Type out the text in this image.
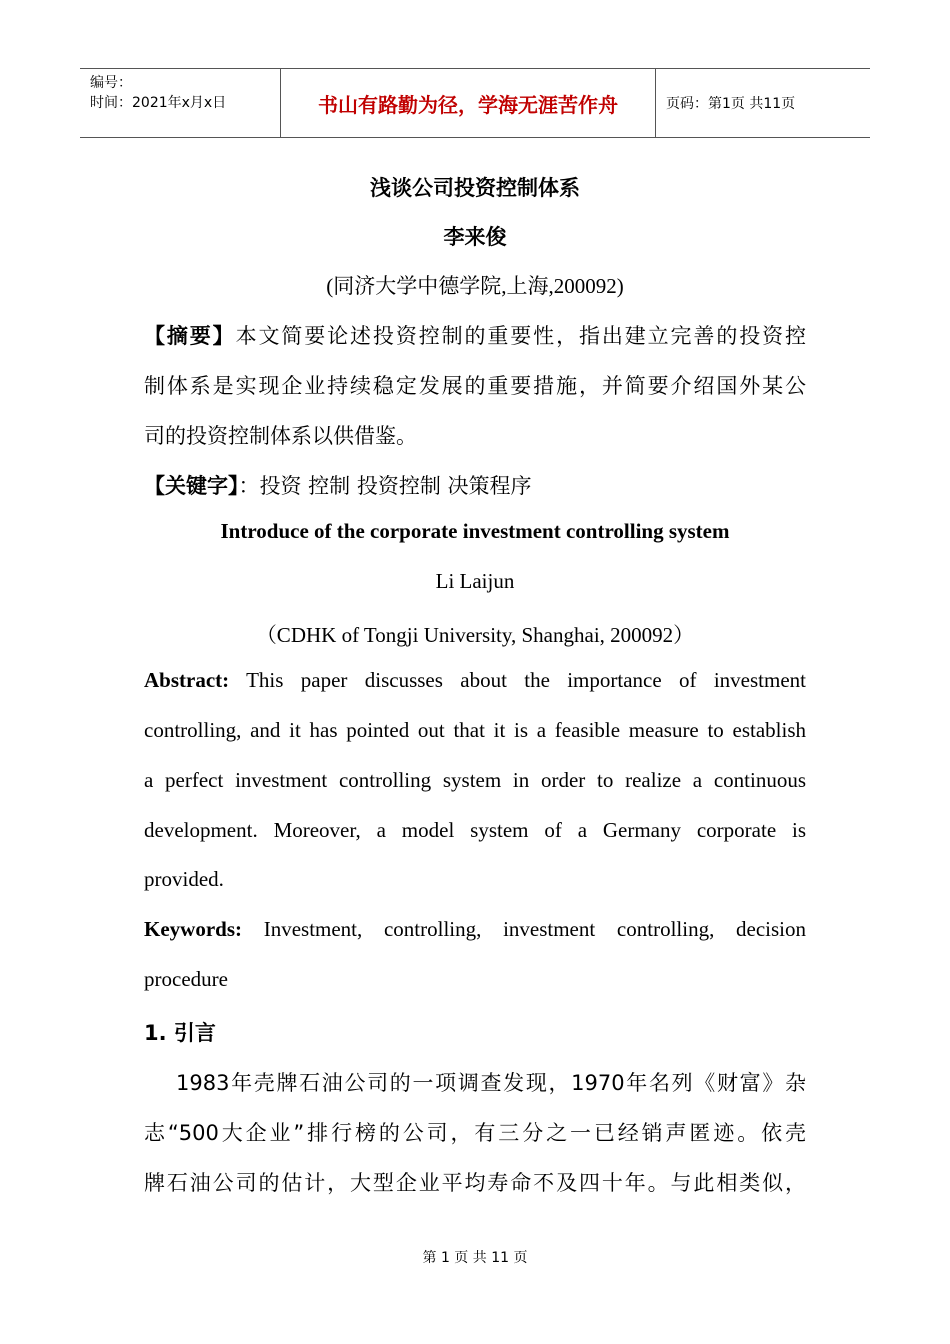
编号：
时间：2021年x月x日	书山有路勤为径，学海无涯苦作舟	页码：第1页 共11页
浅谈公司投资控制体系
李来俊
(同济大学中德学院,上海,200092)
【摘要】本文简要论述投资控制的重要性，指出建立完善的投资控
制体系是实现企业持续稳定发展的重要措施，并简要介绍国外某公
司的投资控制体系以供借鉴。
【关键字】：投资 控制 投资控制 决策程序
Introduce of the corporate investment controlling system
Li Laijun
（CDHK of Tongji University, Shanghai, 200092）
Abstract: This paper discusses about the importance of investment
controlling, and it has pointed out that it is a feasible measure to establish
a perfect investment controlling system in order to realize a continuous
development. Moreover, a model system of a Germany corporate is
provided.
Keywords: Investment, controlling, investment controlling, decision
procedure
1. 引言
1983年壳牌石油公司的一项调查发现，1970年名列《财富》杂
志“500大企业”排行榜的公司，有三分之一已经销声匿迹。依壳
牌石油公司的估计，大型企业平均寿命不及四十年。与此相类似，
第 1 页 共 11 页
